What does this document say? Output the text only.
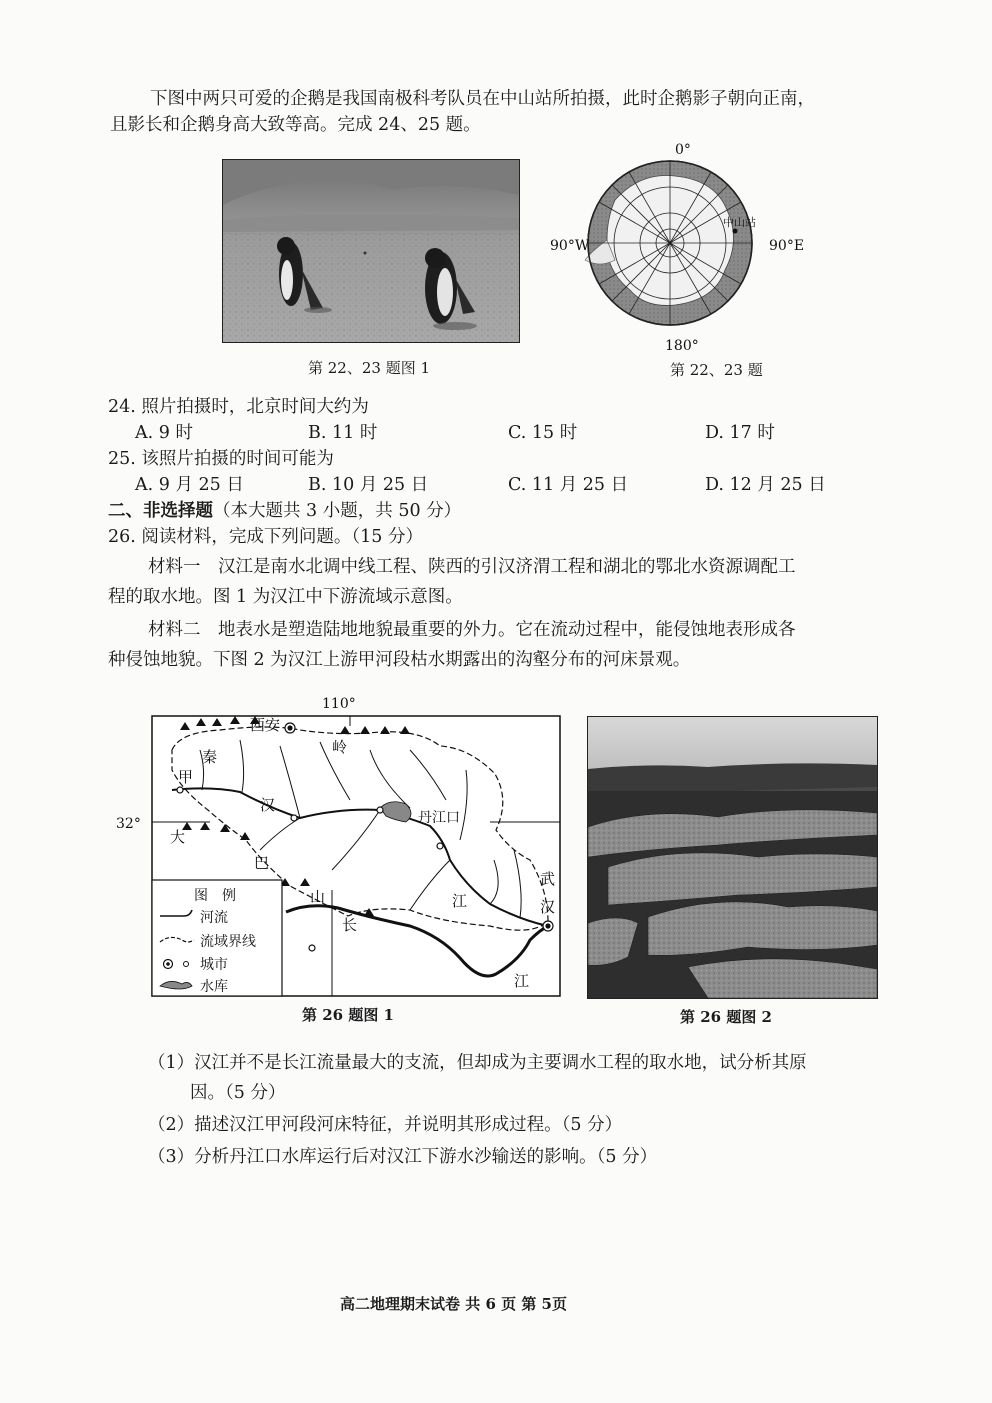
下图中两只可爱的企鹅是我国南极科考队员在中山站所拍摄，此时企鹅影子朝向正南，
且影长和企鹅身高大致等高。完成 24、25 题。
第 22、23 题图 1
中山站
0°
90°W	90°E
180°
第 22、23 题
24. 照片拍摄时，北京时间大约为
A. 9 时	B. 11 时	C. 15 时	D. 17 时
25. 该照片拍摄的时间可能为
A. 9 月 25 日	B. 10 月 25 日	C. 11 月 25 日	D. 12 月 25 日
二、非选择题（本大题共 3 小题，共 50 分）
26. 阅读材料，完成下列问题。（15 分）
材料一　汉江是南水北调中线工程、陕西的引汉济渭工程和湖北的鄂北水资源调配工
程的取水地。图 1 为汉江中下游流域示意图。
材料二　地表水是塑造陆地地貌最重要的外力。它在流动过程中，能侵蚀地表形成各
种侵蚀地貌。下图 2 为汉江上游甲河段枯水期露出的沟壑分布的河床景观。
110°
32°
西安
秦
岭
甲
汉
江
丹江口
大
巴
山
长
江
武
汉
图　例
河流
流域界线
城市
水库
第 26 题图 1	第 26 题图 2
（1）汉江并不是长江流量最大的支流，但却成为主要调水工程的取水地，试分析其原
因。（5 分）
（2）描述汉江甲河段河床特征，并说明其形成过程。（5 分）
（3）分析丹江口水库运行后对汉江下游水沙输送的影响。（5 分）
高二地理期末试卷 共 6 页 第 5页
